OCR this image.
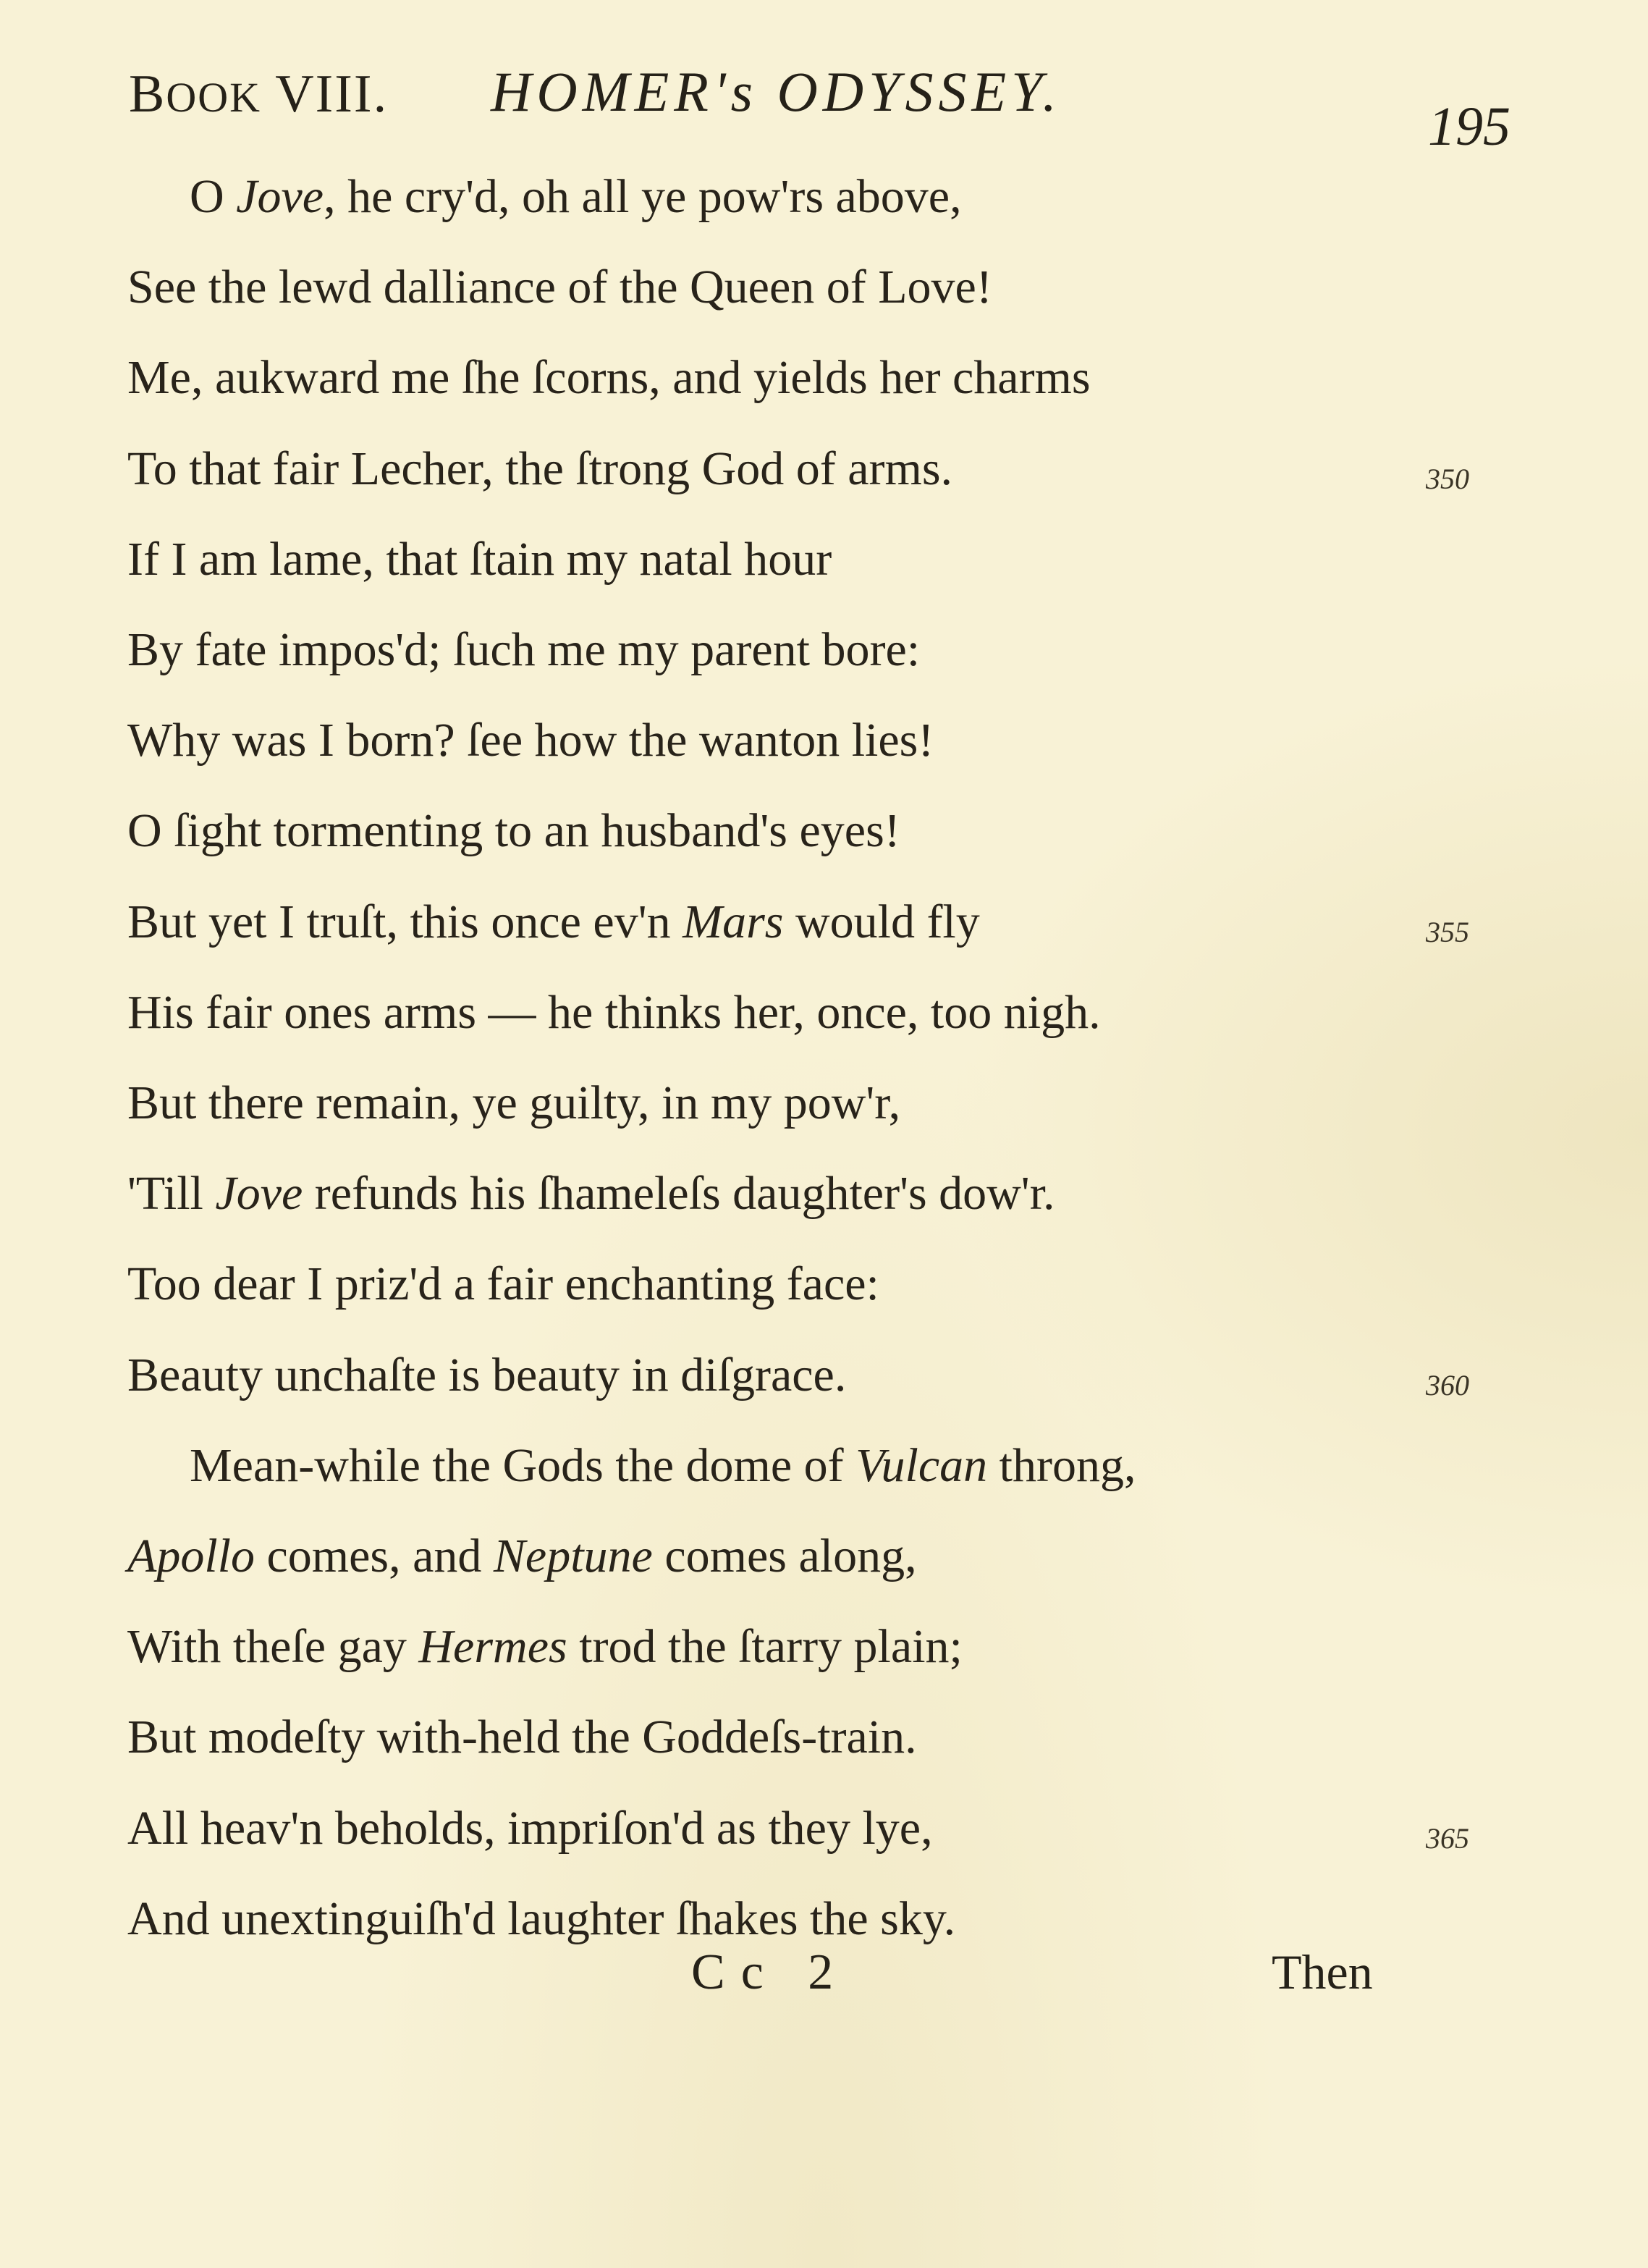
BOOK VIII. HOMER's ODYSSEY.
195
O Jove, he cry'd, oh all ye pow'rs above,
See the lewd dalliance of the Queen of Love!
Me, aukward me ſhe ſcorns, and yields her charms
To that fair Lecher, the ſtrong God of arms.	350
If I am lame, that ſtain my natal hour
By fate impos'd; ſuch me my parent bore:
Why was I born? ſee how the wanton lies!
O ſight tormenting to an husband's eyes!
But yet I truſt, this once ev'n Mars would fly	355
His fair ones arms — he thinks her, once, too nigh.
But there remain, ye guilty, in my pow'r,
'Till Jove refunds his ſhameleſs daughter's dow'r.
Too dear I priz'd a fair enchanting face:
Beauty unchaſte is beauty in diſgrace.	360
Mean-while the Gods the dome of Vulcan throng,
Apollo comes, and Neptune comes along,
With theſe gay Hermes trod the ſtarry plain;
But modeſty with-held the Goddeſs-train.
All heav'n beholds, impriſon'd as they lye,	365
And unextinguiſh'd laughter ſhakes the sky.
Cc 2	Then
